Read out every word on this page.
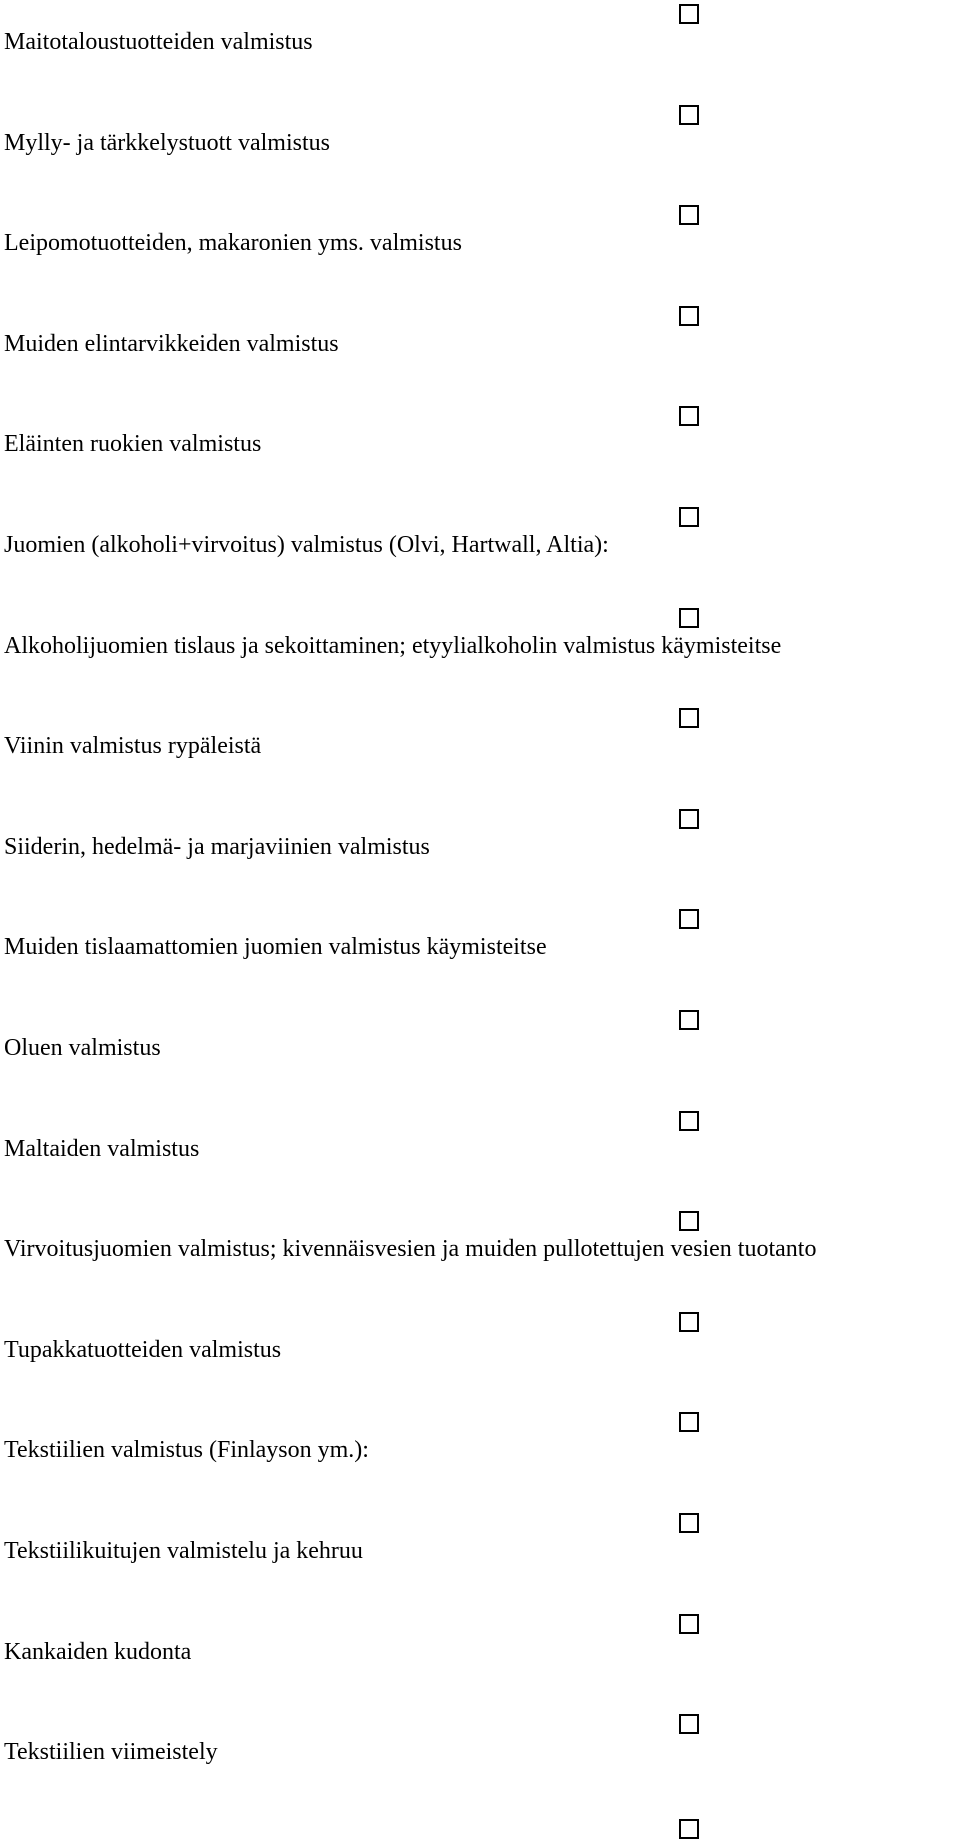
Maitotaloustuotteiden valmistus
Mylly- ja tärkkelystuott valmistus
Leipomotuotteiden, makaronien yms. valmistus
Muiden elintarvikkeiden valmistus
Eläinten ruokien valmistus
Juomien (alkoholi+virvoitus) valmistus (Olvi, Hartwall, Altia):
Alkoholijuomien tislaus ja sekoittaminen; etyylialkoholin valmistus käymisteitse
Viinin valmistus rypäleistä
Siiderin, hedelmä- ja marjaviinien valmistus
Muiden tislaamattomien juomien valmistus käymisteitse
Oluen valmistus
Maltaiden valmistus
Virvoitusjuomien valmistus; kivennäisvesien ja muiden pullotettujen vesien tuotanto
Tupakkatuotteiden valmistus
Tekstiilien valmistus (Finlayson ym.):
Tekstiilikuitujen valmistelu ja kehruu
Kankaiden kudonta
Tekstiilien viimeistely
